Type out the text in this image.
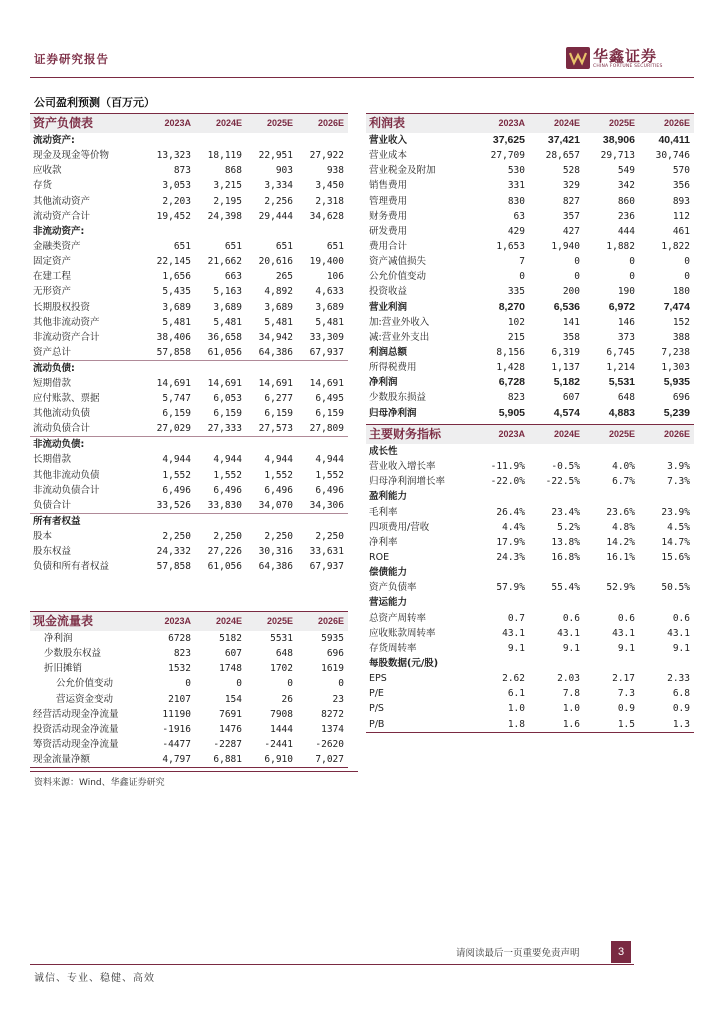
证券研究报告	华鑫证券
CHINA FORTUNE SECURITIES
公司盈利预测（百万元）
资产负债表	2023A	2024E	2025E	2026E
流动资产:				
现金及现金等价物	13,323	18,119	22,951	27,922
应收款	873	868	903	938
存货	3,053	3,215	3,334	3,450
其他流动资产	2,203	2,195	2,256	2,318
流动资产合计	19,452	24,398	29,444	34,628
非流动资产:				
金融类资产	651	651	651	651
固定资产	22,145	21,662	20,616	19,400
在建工程	1,656	663	265	106
无形资产	5,435	5,163	4,892	4,633
长期股权投资	3,689	3,689	3,689	3,689
其他非流动资产	5,481	5,481	5,481	5,481
非流动资产合计	38,406	36,658	34,942	33,309
资产总计	57,858	61,056	64,386	67,937
流动负债:				
短期借款	14,691	14,691	14,691	14,691
应付账款、票据	5,747	6,053	6,277	6,495
其他流动负债	6,159	6,159	6,159	6,159
流动负债合计	27,029	27,333	27,573	27,809
非流动负债:				
长期借款	4,944	4,944	4,944	4,944
其他非流动负债	1,552	1,552	1,552	1,552
非流动负债合计	6,496	6,496	6,496	6,496
负债合计	33,526	33,830	34,070	34,306
所有者权益				
股本	2,250	2,250	2,250	2,250
股东权益	24,332	27,226	30,316	33,631
负债和所有者权益	57,858	61,056	64,386	67,937
现金流量表	2023A	2024E	2025E	2026E
净利润	6728	5182	5531	5935
少数股东权益	823	607	648	696
折旧摊销	1532	1748	1702	1619
公允价值变动	0	0	0	0
营运资金变动	2107	154	26	23
经营活动现金净流量	11190	7691	7908	8272
投资活动现金净流量	-1916	1476	1444	1374
筹资活动现金净流量	-4477	-2287	-2441	-2620
现金流量净额	4,797	6,881	6,910	7,027
利润表	2023A	2024E	2025E	2026E
营业收入	37,625	37,421	38,906	40,411
营业成本	27,709	28,657	29,713	30,746
营业税金及附加	530	528	549	570
销售费用	331	329	342	356
管理费用	830	827	860	893
财务费用	63	357	236	112
研发费用	429	427	444	461
费用合计	1,653	1,940	1,882	1,822
资产减值损失	7	0	0	0
公允价值变动	0	0	0	0
投资收益	335	200	190	180
营业利润	8,270	6,536	6,972	7,474
加:营业外收入	102	141	146	152
减:营业外支出	215	358	373	388
利润总额	8,156	6,319	6,745	7,238
所得税费用	1,428	1,137	1,214	1,303
净利润	6,728	5,182	5,531	5,935
少数股东损益	823	607	648	696
归母净利润	5,905	4,574	4,883	5,239
主要财务指标	2023A	2024E	2025E	2026E
成长性				
营业收入增长率	-11.9%	-0.5%	4.0%	3.9%
归母净利润增长率	-22.0%	-22.5%	6.7%	7.3%
盈利能力				
毛利率	26.4%	23.4%	23.6%	23.9%
四项费用/营收	4.4%	5.2%	4.8%	4.5%
净利率	17.9%	13.8%	14.2%	14.7%
ROE	24.3%	16.8%	16.1%	15.6%
偿债能力				
资产负债率	57.9%	55.4%	52.9%	50.5%
营运能力				
总资产周转率	0.7	0.6	0.6	0.6
应收账款周转率	43.1	43.1	43.1	43.1
存货周转率	9.1	9.1	9.1	9.1
每股数据(元/股)				
EPS	2.62	2.03	2.17	2.33
P/E	6.1	7.8	7.3	6.8
P/S	1.0	1.0	0.9	0.9
P/B	1.8	1.6	1.5	1.3
资料来源：Wind、华鑫证券研究
请阅读最后一页重要免责声明	3
诚信、专业、稳健、高效
